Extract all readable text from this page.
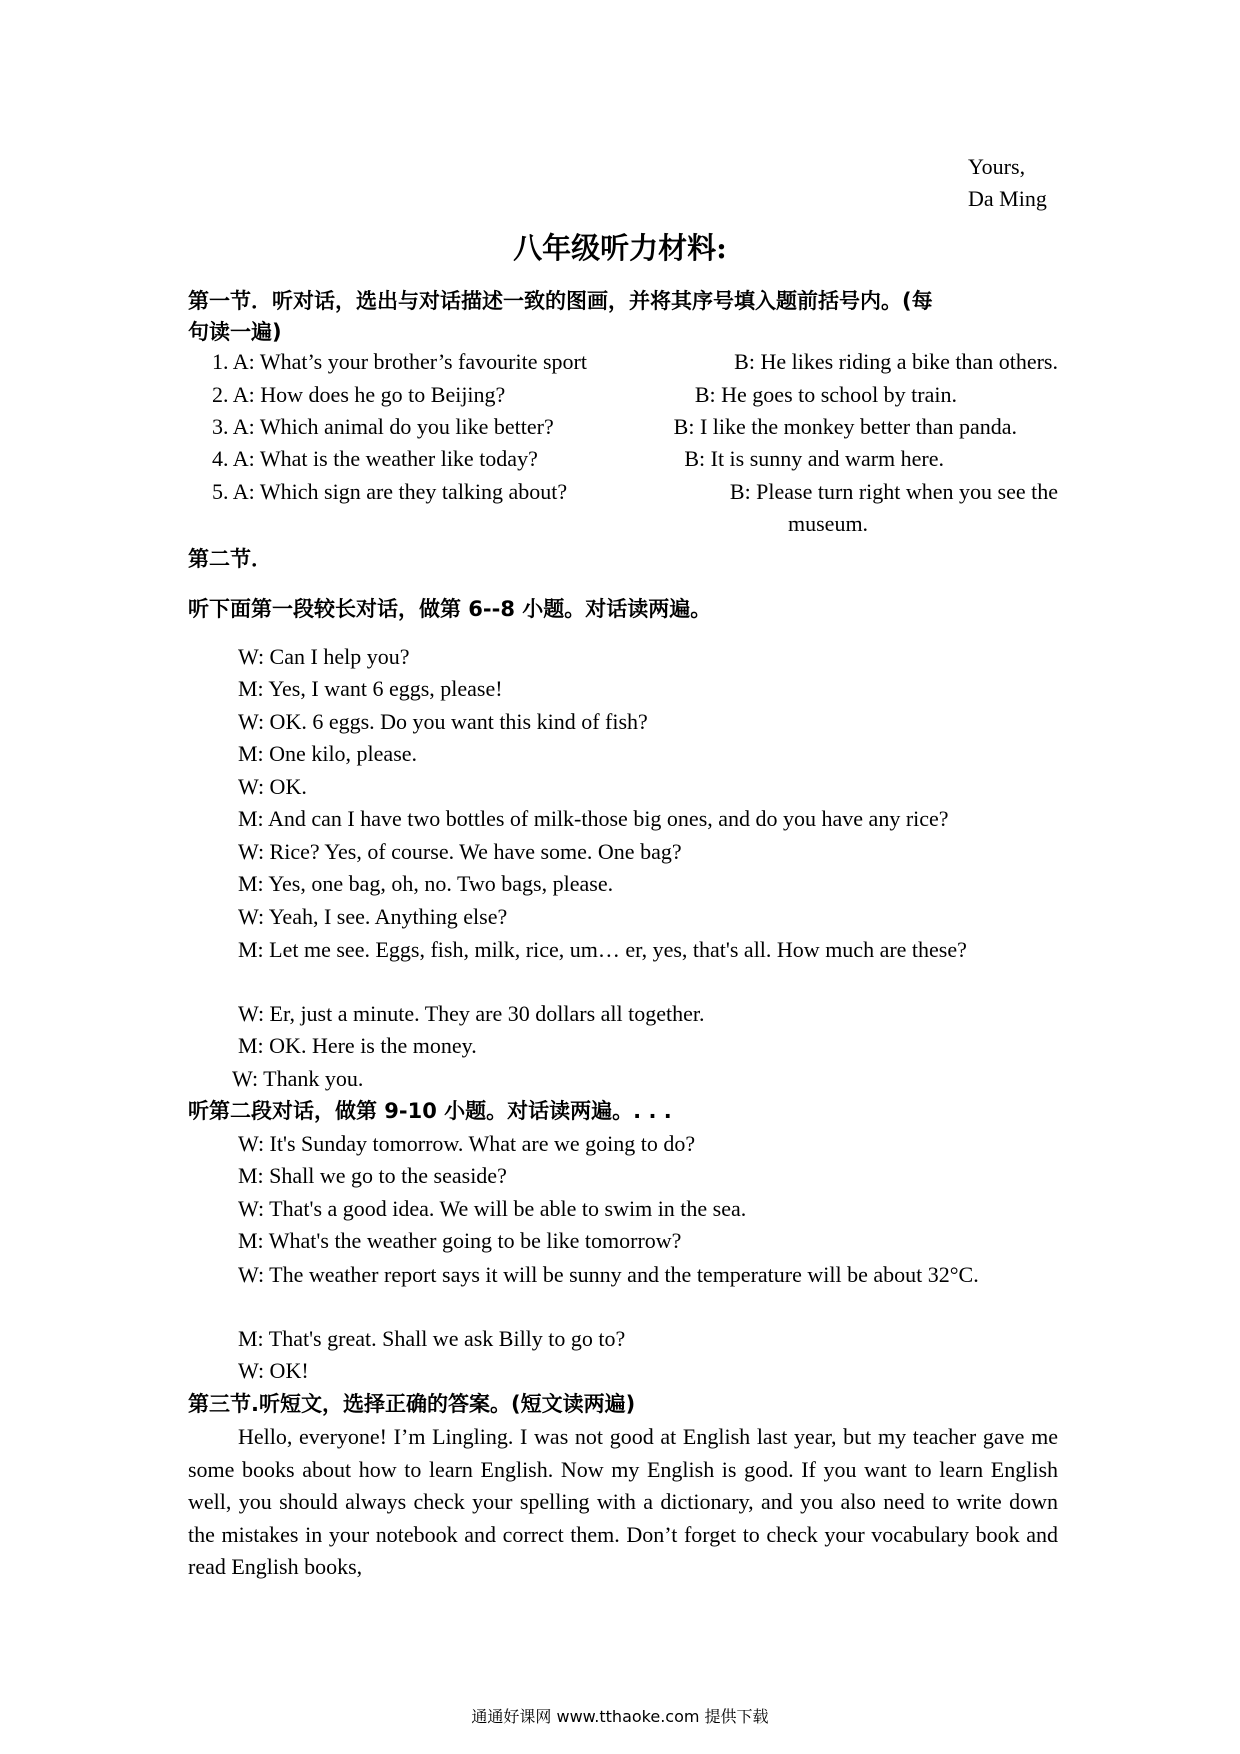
Yours,
Da Ming
八年级听力材料:
第一节．听对话，选出与对话描述一致的图画，并将其序号填入题前括号内。(每
句读一遍)
1. A: What’s your brother’s favourite sport	B: He likes riding a bike than others.
2. A: How does he go to Beijing?	B: He goes to school by train.
3. A: Which animal do you like better?	B: I like the monkey better than panda.
4. A: What is the weather like today?	B: It is sunny and warm here.
5. A: Which sign are they talking about?	B: Please turn right when you see the
museum.
第二节．
听下面第一段较长对话，做第 6--8 小题。对话读两遍。
W: Can I help you?
M: Yes, I want 6 eggs, please!
W: OK. 6 eggs. Do you want this kind of fish?
M: One kilo, please.
W: OK.
M: And can I have two bottles of milk-those big ones, and do you have any rice?
W: Rice? Yes, of course. We have some. One bag?
M: Yes, one bag, oh, no. Two bags, please.
W: Yeah, I see. Anything else?
M: Let me see. Eggs, fish, milk, rice, um… er, yes, that's all. How much are these?
W: Er, just a minute. They are 30 dollars all together.
M: OK. Here is the money.
W: Thank you.
听第二段对话，做第 9-10 小题。对话读两遍。. . .
W: It's Sunday tomorrow. What are we going to do?
M: Shall we go to the seaside?
W: That's a good idea. We will be able to swim in the sea.
M: What's the weather going to be like tomorrow?
W: The weather report says it will be sunny and the temperature will be about 32°C.
M: That's great. Shall we ask Billy to go to?
W: OK!
第三节.听短文，选择正确的答案。(短文读两遍)
Hello, everyone! I’m Lingling. I was not good at English last year, but my teacher gave me some books about how to learn English. Now my English is good. If you want to learn English well, you should always check your spelling with a dictionary, and you also need to write down the mistakes in your notebook and correct them. Don’t forget to check your vocabulary book and read English books,
通通好课网 www.tthaoke.com 提供下载
